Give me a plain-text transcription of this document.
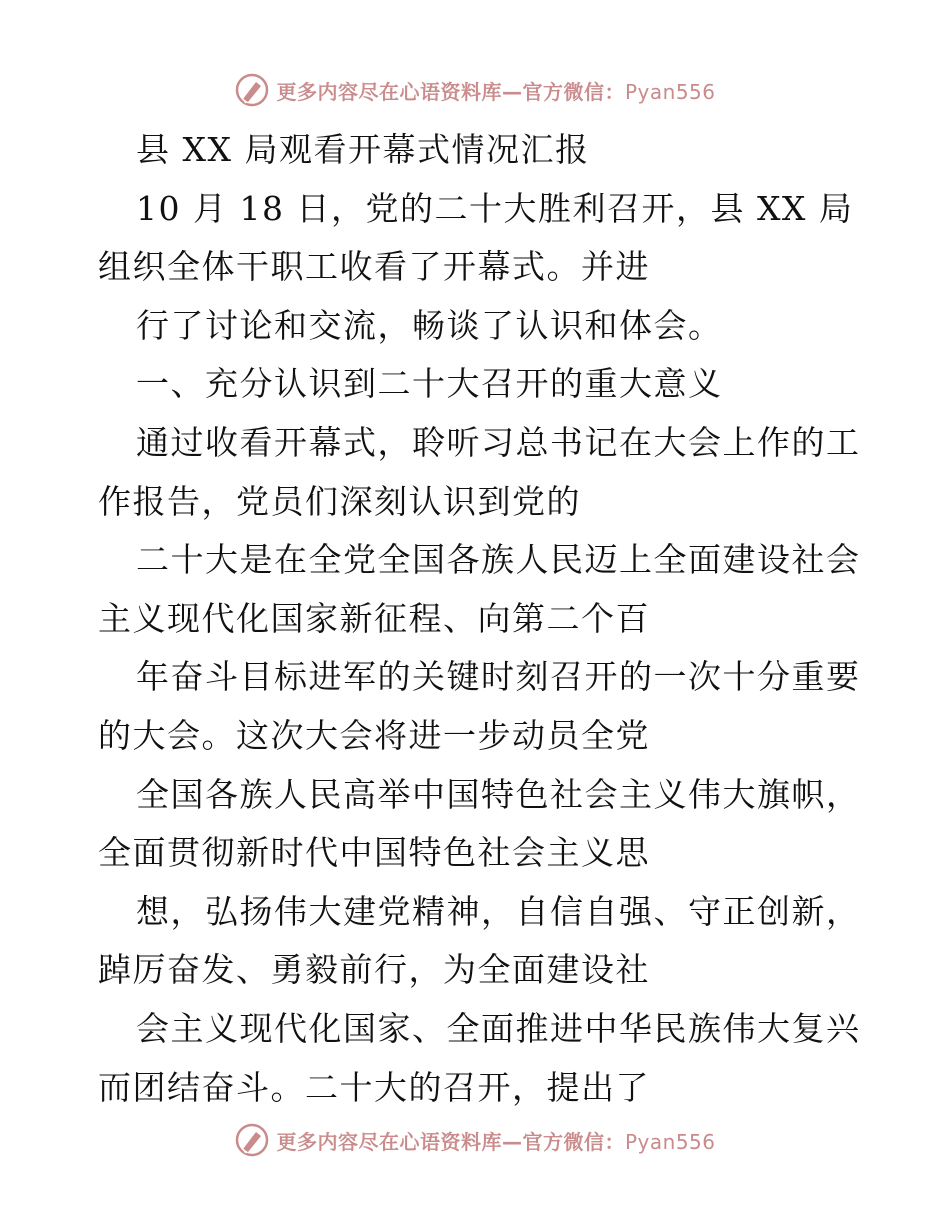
更多内容尽在心语资料库—官方微信：Pyan556
县 XX 局观看开幕式情况汇报
10 月 18 日，党的二十大胜利召开，县 XX 局
组织全体干职工收看了开幕式。并进
行了讨论和交流，畅谈了认识和体会。
一、充分认识到二十大召开的重大意义
通过收看开幕式，聆听习总书记在大会上作的工
作报告，党员们深刻认识到党的
二十大是在全党全国各族人民迈上全面建设社会
主义现代化国家新征程、向第二个百
年奋斗目标进军的关键时刻召开的一次十分重要
的大会。这次大会将进一步动员全党
全国各族人民高举中国特色社会主义伟大旗帜，
全面贯彻新时代中国特色社会主义思
想，弘扬伟大建党精神，自信自强、守正创新，
踔厉奋发、勇毅前行，为全面建设社
会主义现代化国家、全面推进中华民族伟大复兴
而团结奋斗。二十大的召开，提出了
更多内容尽在心语资料库—官方微信：Pyan556
